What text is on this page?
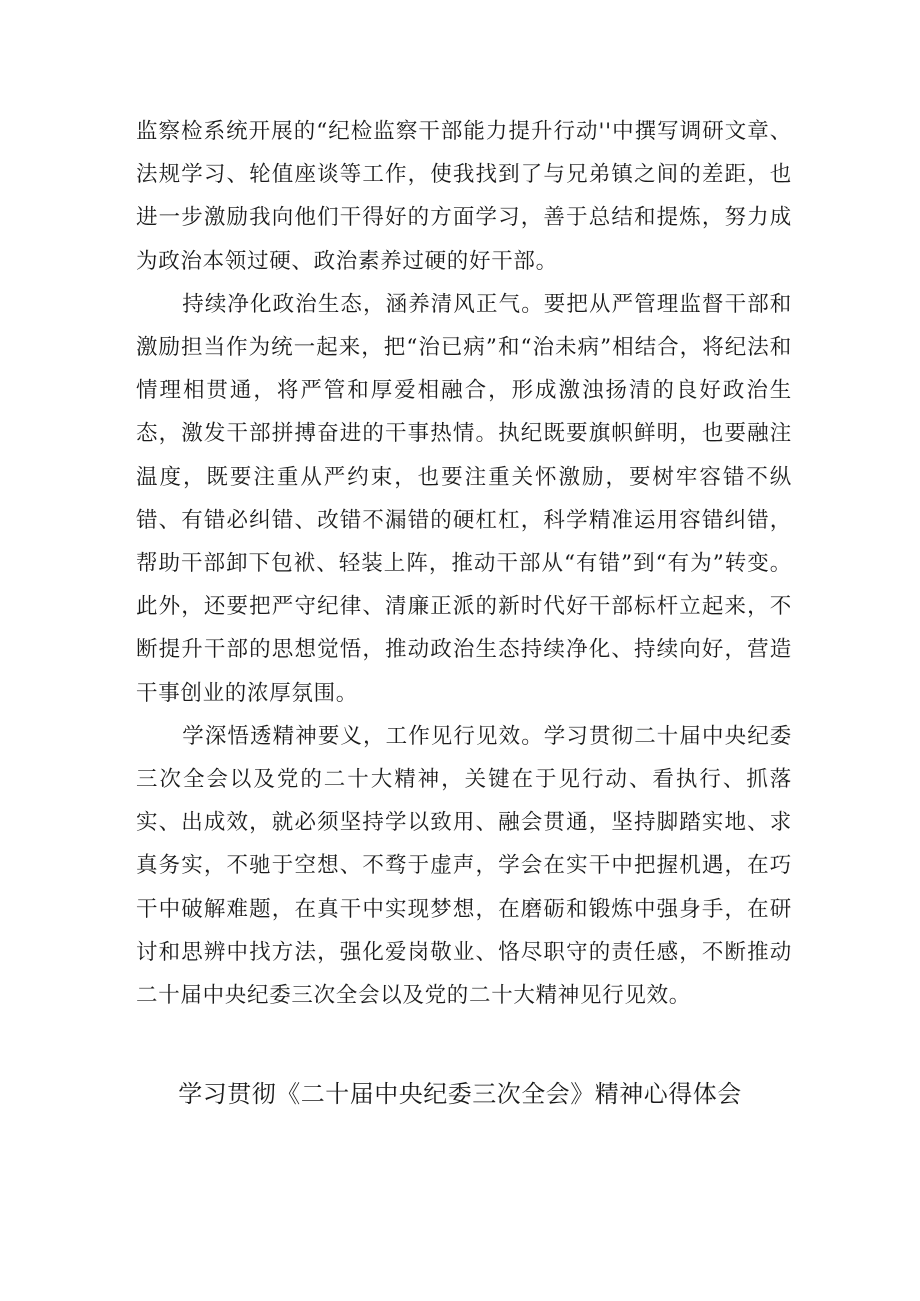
监察检系统开展的“纪检监察干部能力提升行动''中撰写调研文章、法规学习、轮值座谈等工作，使我找到了与兄弟镇之间的差距，也进一步激励我向他们干得好的方面学习，善于总结和提炼，努力成为政治本领过硬、政治素养过硬的好干部。

持续净化政治生态，涵养清风正气。要把从严管理监督干部和激励担当作为统一起来，把“治已病”和“治未病”相结合，将纪法和情理相贯通，将严管和厚爱相融合，形成激浊扬清的良好政治生态，激发干部拼搏奋进的干事热情。执纪既要旗帜鲜明，也要融注温度，既要注重从严约束，也要注重关怀激励，要树牢容错不纵错、有错必纠错、改错不漏错的硬杠杠，科学精准运用容错纠错，帮助干部卸下包袱、轻装上阵，推动干部从“有错”到“有为”转变。此外，还要把严守纪律、清廉正派的新时代好干部标杆立起来，不断提升干部的思想觉悟，推动政治生态持续净化、持续向好，营造干事创业的浓厚氛围。

学深悟透精神要义，工作见行见效。学习贯彻二十届中央纪委三次全会以及党的二十大精神，关键在于见行动、看执行、抓落实、出成效，就必须坚持学以致用、融会贯通，坚持脚踏实地、求真务实，不驰于空想、不骛于虚声，学会在实干中把握机遇，在巧干中破解难题，在真干中实现梦想，在磨砺和锻炼中强身手，在研讨和思辨中找方法，强化爱岗敬业、恪尽职守的责任感，不断推动二十届中央纪委三次全会以及党的二十大精神见行见效。

学习贯彻《二十届中央纪委三次全会》精神心得体会
